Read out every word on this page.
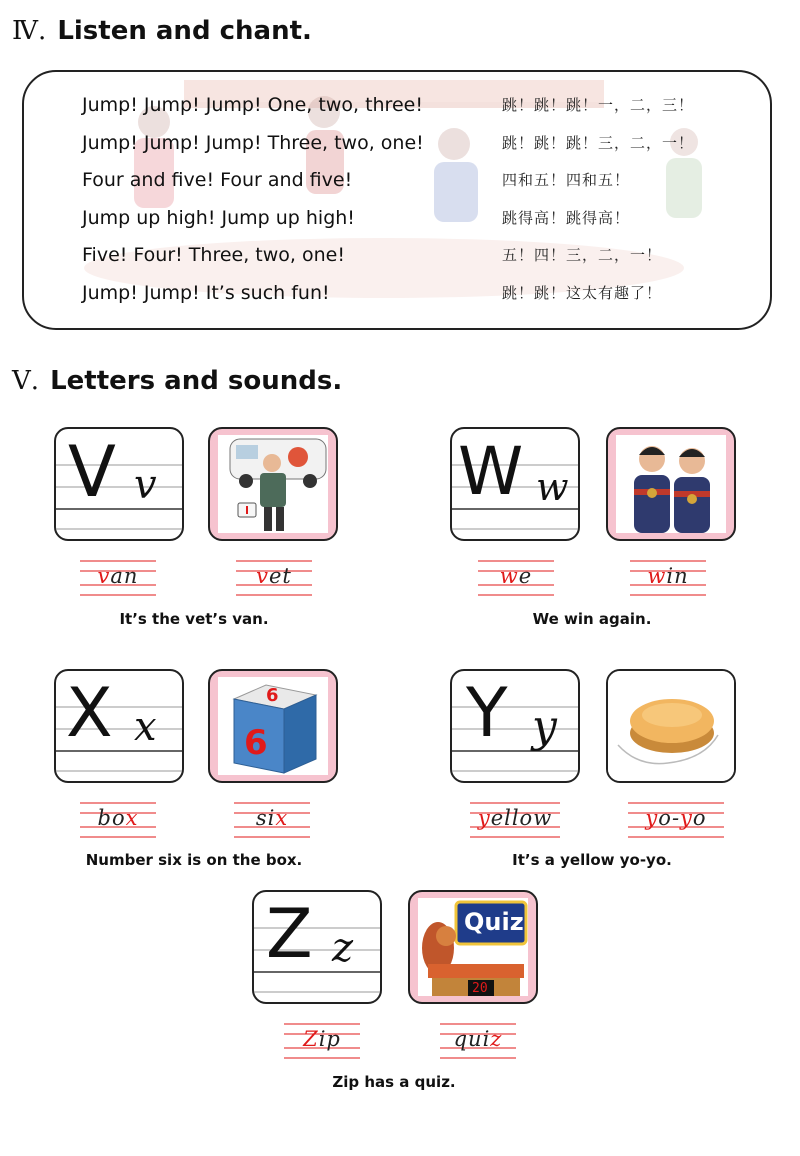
Ⅳ. Listen and chant.
Jump! Jump! Jump! One, two, three!	跳！跳！跳！一，二，三！
Jump! Jump! Jump! Three, two, one!	跳！跳！跳！三，二，一！
Four and five! Four and five!	四和五！四和五！
Jump up high! Jump up high!	跳得高！跳得高！
Five! Four! Three, two, one!	五！四！三，二，一！
Jump! Jump! It’s such fun!	跳！跳！这太有趣了！
Ⅴ. Letters and sounds.
V v
van	vet
It’s the vet’s van.
W w
we	win
We win again.
X x
6
6
box	six
Number six is on the box.
Y y
yellow	yo-yo
It’s a yellow yo-yo.
Z z
Quiz
20
Zip	quiz
Zip has a quiz.
